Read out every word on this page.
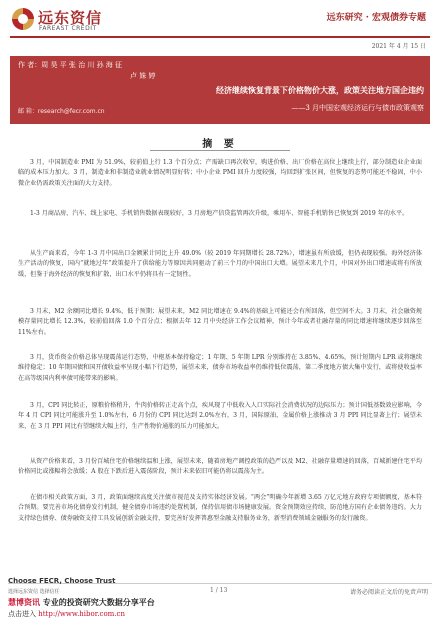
远东资信
FAREAST CREDIT
远东研究 · 宏观债券专题
2021 年 4 月 15 日
作 者：周 昊 平 张 治 川 孙 海 征
卢 姝 婷
邮 箱：research@fecr.com.cn
经济继续恢复背景下价格物价大涨，政策关注地方国企违约
——3 月中国宏观经济运行与债市政策观察
摘 要
3 月，中国制造业 PMI 为 51.9%，较前值上行 1.3 个百分点；产需缺口再次收窄，购进价格、出厂价格在高位上继续上行，部分制造业企业面临的成本压力加大。3 月，制造业和非制造业就业情况明显好转；中小企业 PMI 回升力度较强，均回到扩张区间，但恢复的态势可能还不稳固，中小微企业仍需政策关注面的大力支持。
1-3 月商品房、汽车、线上家电、手机销售数据表现较好，3 月房地产信贷监管再次升级，乘用车、智能手机销售已恢复到 2019 年的水平。
从生产面来看，今年 1-3 月中国出口金额累计同比上升 49.0%（较 2019 年同期增长 28.72%），增速虽有所放缓，但仍表现较强。海外经济体生产活动的恢复，国内“就地过年”政策提升了供给能力等原因共同驱动了前三个月的中国出口大增。展望未来几个月，中国对外出口增速或将有所放缓，但鉴于海外经济的恢复和扩散，出口水平仍将具有一定韧性。
3 月末，M2 余额同比增长 9.4%，低于预期；展望未来，M2 同比增速在 9.4%的基础上可能还会有所回落，但空间不大。3 月末，社会融资规模存量同比增长 12.3%，较前值回落 1.0 个百分点；根据去年 12 月中央经济工作会议精神，预计今年或者社融存量的同比增速将继续逐步回落至 11%左右。
3 月，货币资金价格总体呈现震荡运行态势，中枢基本保持稳定；1 年期、5 年期 LPR 分别维持在 3.85%、4.65%，预计短期内 LPR 或将继续维持稳定；10 年期国债和国开债收益率呈现小幅下行趋势，展望未来，债券市场收益率仍维持低位震荡，第二季度地方债大集中发行，或将使收益率在高等级国内利率债可能带来的影响。
3 月，CPI 同比转正，原粮价格稍升，牛肉价格转正走高个点，疾风现了中低收入人口实际社会消费状况的边际压力；预计国低基数效应影响，今年 4 月 CPI 同比可能涨升至 1.0%左右，6 月份的 CPI 同比达到 2.0%左右，3 月，国际原油、金属价格上涨推动 3 月 PPI 同比显著上行；展望未来，在 3 月 PPI 同比有望继续大幅上行，生产性物价通胀的压力可能加大。
从资产价格来看，3 月份百城住宅价格继续温和上涨，展望未来，随着房地产调控政策的趋严以及 M2、社融存量增速的回落，百城新建住宅平均价格同比或涨幅将会放缓；A 股在下跌后进入震荡阶段，预计未来依旧可能仍将以震荡为主。
在债市相关政策方面，3 月，政策面继续高度关注债市视范及支持实体经济发展。“两会”明确今年新增 3.65 万亿元地方政府专项债额度，基本符合预期。要完善市场化债券发行机制，健全债券市场违约处置机制，保持信用债市场健康发展。资金预期效应持续，防范地方国有企业债务违约。大力支持绿色债券、债券融资支持工具发展创新金融支持，要完善好发挥普惠型金融支持服务业务，新型消费领域金融服务的发行融资。
Choose FECR, Choose Trust
选择远东资信 选择信任
慧博资讯 专业的投资研究大数据分享平台
点击进入 http://www.hibor.com.cn
1 / 13	请务必阅读正文后的免责声明
